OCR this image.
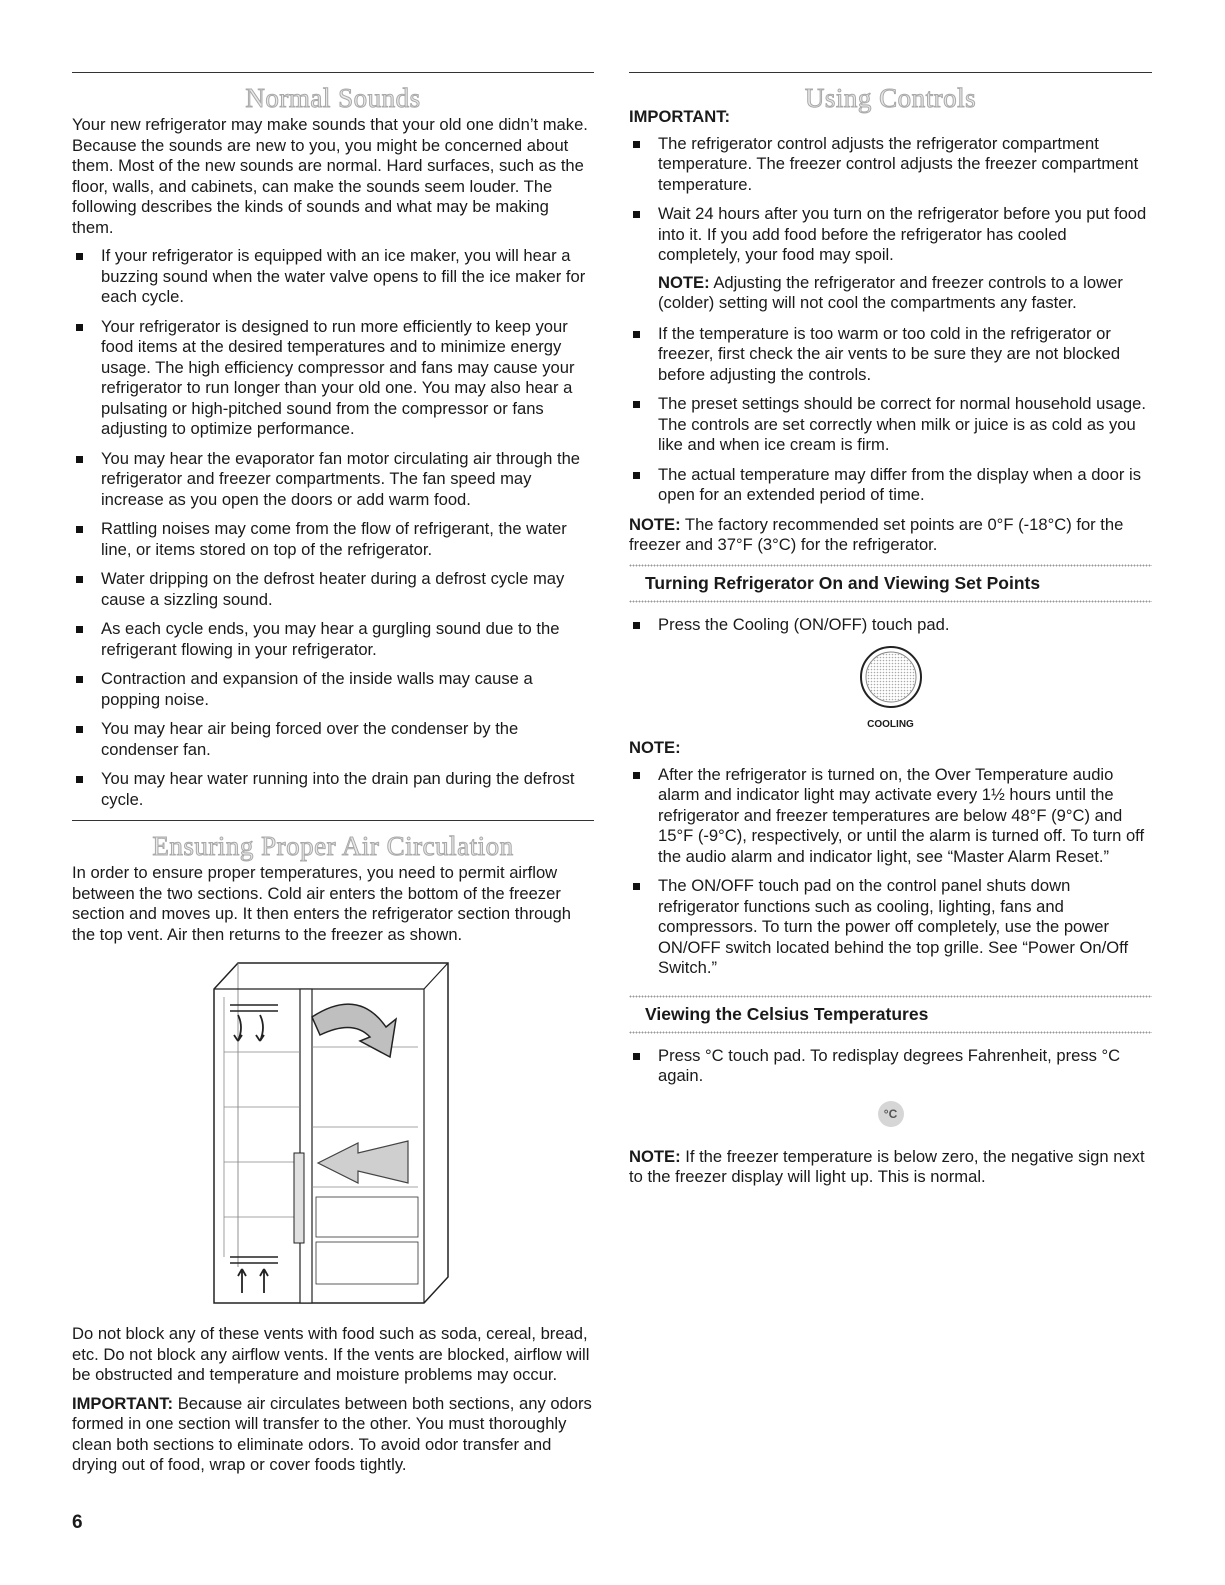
Normal Sounds

Your new refrigerator may make sounds that your old one didn’t make. Because the sounds are new to you, you might be concerned about them. Most of the new sounds are normal. Hard surfaces, such as the floor, walls, and cabinets, can make the sounds seem louder. The following describes the kinds of sounds and what may be making them.

If your refrigerator is equipped with an ice maker, you will hear a buzzing sound when the water valve opens to fill the ice maker for each cycle.
Your refrigerator is designed to run more efficiently to keep your food items at the desired temperatures and to minimize energy usage. The high efficiency compressor and fans may cause your refrigerator to run longer than your old one. You may also hear a pulsating or high-pitched sound from the compressor or fans adjusting to optimize performance.
You may hear the evaporator fan motor circulating air through the refrigerator and freezer compartments. The fan speed may increase as you open the doors or add warm food.
Rattling noises may come from the flow of refrigerant, the water line, or items stored on top of the refrigerator.
Water dripping on the defrost heater during a defrost cycle may cause a sizzling sound.
As each cycle ends, you may hear a gurgling sound due to the refrigerant flowing in your refrigerator.
Contraction and expansion of the inside walls may cause a popping noise.
You may hear air being forced over the condenser by the condenser fan.
You may hear water running into the drain pan during the defrost cycle.
Ensuring Proper Air Circulation

In order to ensure proper temperatures, you need to permit airflow between the two sections. Cold air enters the bottom of the freezer section and moves up. It then enters the refrigerator section through the top vent. Air then returns to the freezer as shown.

Do not block any of these vents with food such as soda, cereal, bread, etc. Do not block any airflow vents. If the vents are blocked, airflow will be obstructed and temperature and moisture problems may occur.

IMPORTANT: Because air circulates between both sections, any odors formed in one section will transfer to the other. You must thoroughly clean both sections to eliminate odors. To avoid odor transfer and drying out of food, wrap or cover foods tightly.

Using Controls
IMPORTANT:
The refrigerator control adjusts the refrigerator compartment temperature. The freezer control adjusts the freezer compartment temperature.
Wait 24 hours after you turn on the refrigerator before you put food into it. If you add food before the refrigerator has cooled completely, your food may spoil.

NOTE: Adjusting the refrigerator and freezer controls to a lower (colder) setting will not cool the compartments any faster.

If the temperature is too warm or too cold in the refrigerator or freezer, first check the air vents to be sure they are not blocked before adjusting the controls.
The preset settings should be correct for normal household usage. The controls are set correctly when milk or juice is as cold as you like and when ice cream is firm.
The actual temperature may differ from the display when a door is open for an extended period of time.

NOTE: The factory recommended set points are 0°F (-18°C) for the freezer and 37°F (3°C) for the refrigerator.

Turning Refrigerator On and Viewing Set Points
Press the Cooling (ON/OFF) touch pad.
COOLING
NOTE:
After the refrigerator is turned on, the Over Temperature audio alarm and indicator light may activate every 1½ hours until the refrigerator and freezer temperatures are below 48°F (9°C) and 15°F (-9°C), respectively, or until the alarm is turned off. To turn off the audio alarm and indicator light, see “Master Alarm Reset.”
The ON/OFF touch pad on the control panel shuts down refrigerator functions such as cooling, lighting, fans and compressors. To turn the power off completely, use the power ON/OFF switch located behind the top grille. See “Power On/Off Switch.”
Viewing the Celsius Temperatures
Press °C touch pad. To redisplay degrees Fahrenheit, press °C again.
°C

NOTE: If the freezer temperature is below zero, the negative sign next to the freezer display will light up. This is normal.

6
